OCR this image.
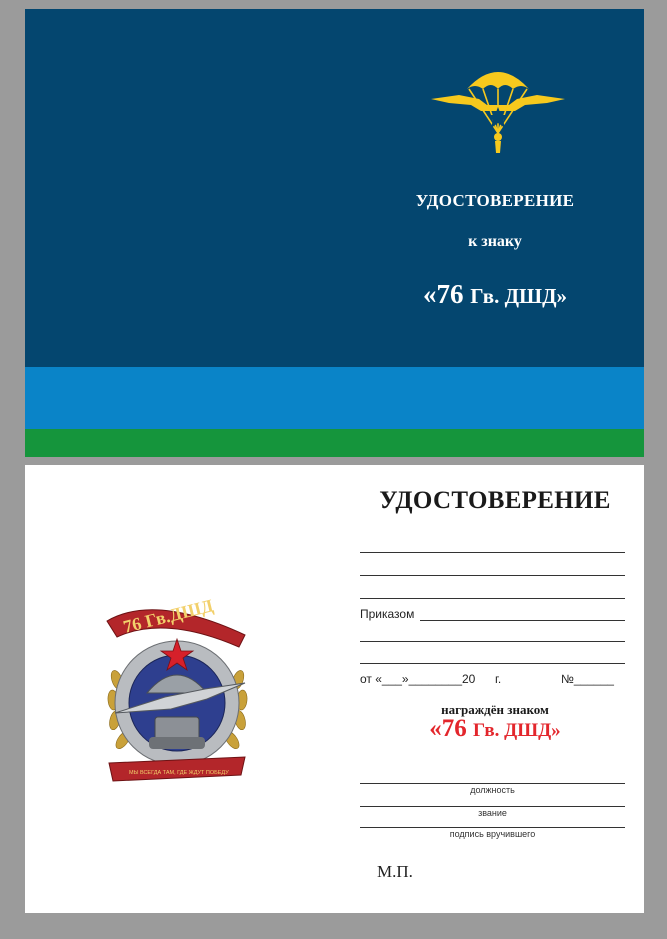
УДОСТОВЕРЕНИЕ
к знаку
«76 Гв. ДШД»
76 Гв.ДШД
МЫ ВСЕГДА ТАМ, ГДЕ ЖДУТ ПОБЕДУ
УДОСТОВЕРЕНИЕ
Приказом
от «___»________20 г.	№______
награждён знаком
«76 Гв. ДШД»
должность
звание
подпись вручившего
М.П.
